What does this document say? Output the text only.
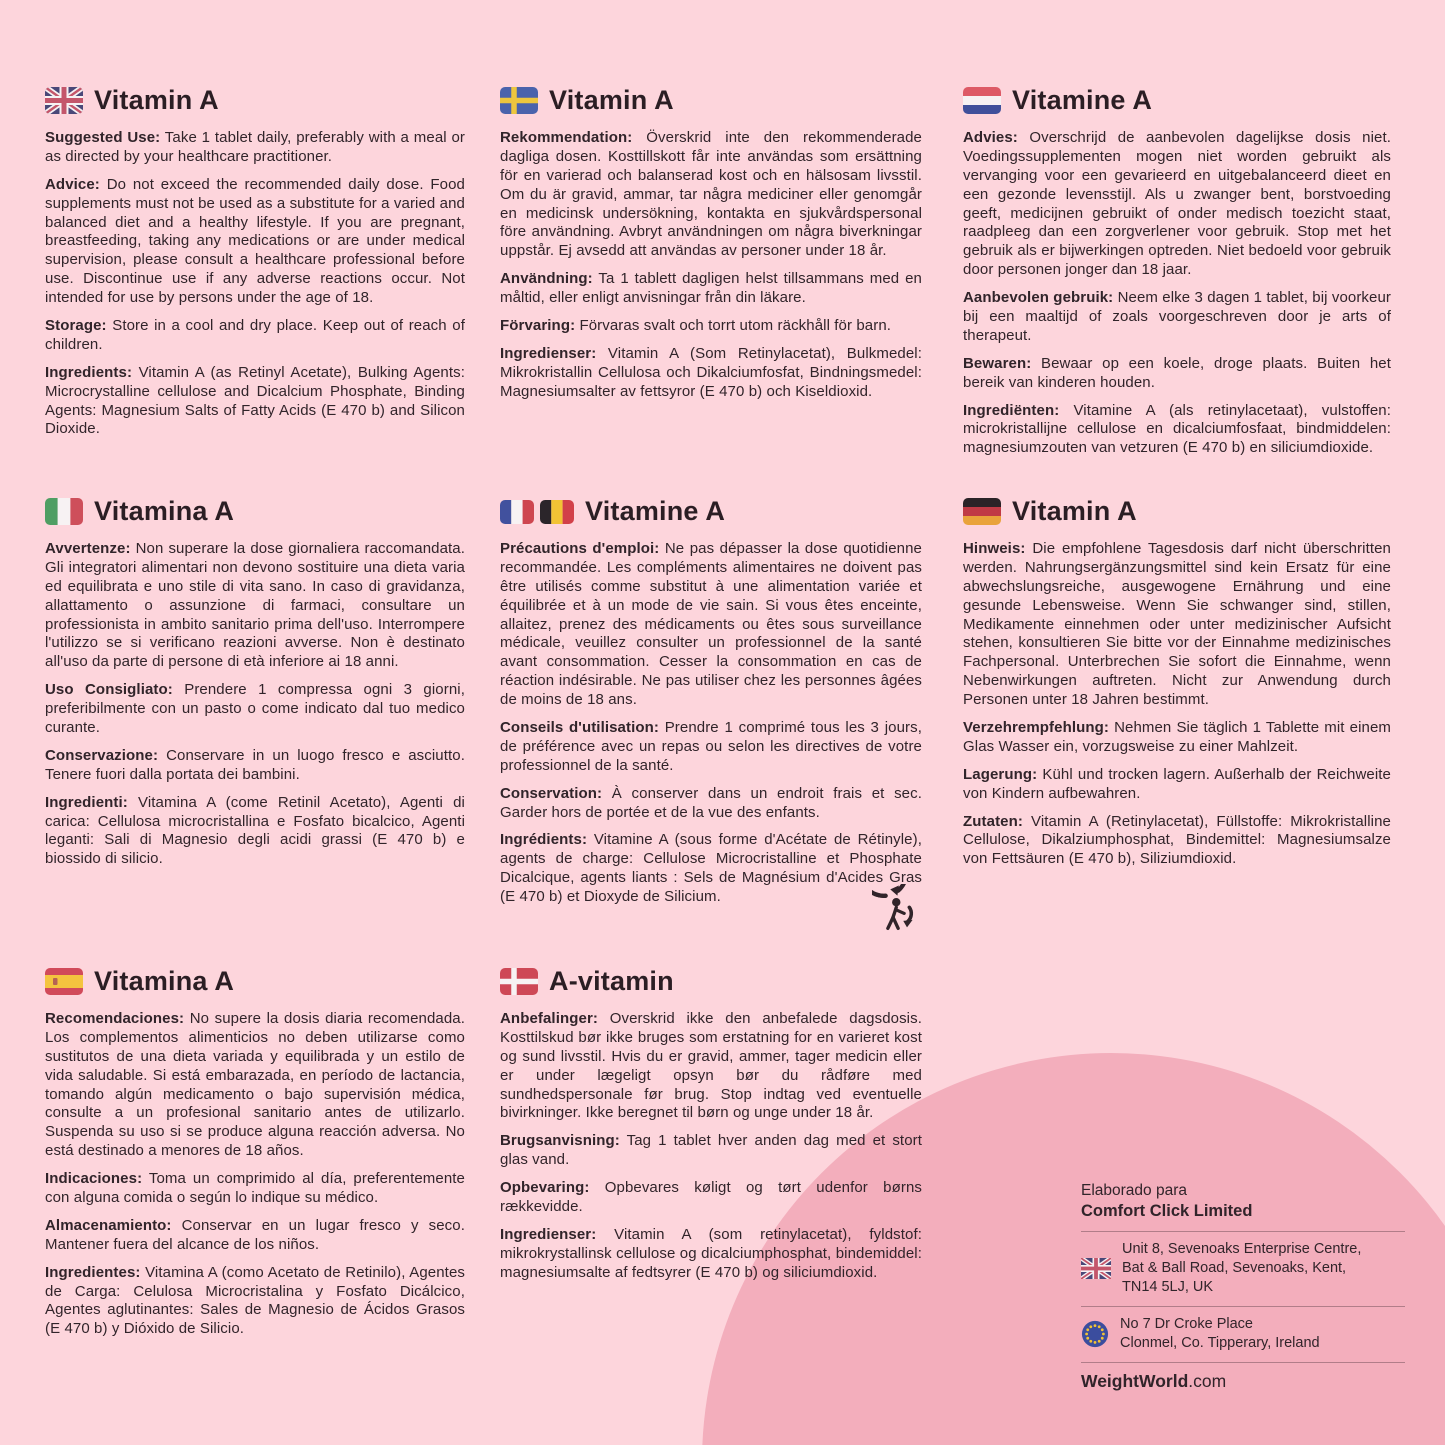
Vitamin A

Suggested Use: Take 1 tablet daily, preferably with a meal or as directed by your healthcare practitioner.

Advice: Do not exceed the recommended daily dose. Food supplements must not be used as a substitute for a varied and balanced diet and a healthy lifestyle. If you are pregnant, breastfeeding, taking any medications or are under medical supervision, please consult a healthcare professional before use. Discontinue use if any adverse reactions occur. Not intended for use by persons under the age of 18.

Storage: Store in a cool and dry place. Keep out of reach of children.

Ingredients: Vitamin A (as Retinyl Acetate), Bulking Agents: Microcrystalline cellulose and Dicalcium Phosphate, Binding Agents: Magnesium Salts of Fatty Acids (E 470 b) and Silicon Dioxide.

Vitamin A

Rekommendation: Överskrid inte den rekommenderade dagliga dosen. Kosttillskott får inte användas som ersättning för en varierad och balanserad kost och en hälsosam livsstil. Om du är gravid, ammar, tar några mediciner eller genomgår en medicinsk undersökning, kontakta en sjukvårdspersonal före användning. Avbryt användningen om några biverkningar uppstår. Ej avsedd att användas av personer under 18 år.

Användning: Ta 1 tablett dagligen helst tillsammans med en måltid, eller enligt anvisningar från din läkare.

Förvaring: Förvaras svalt och torrt utom räckhåll för barn.

Ingredienser: Vitamin A (Som Retinylacetat), Bulkmedel: Mikrokristallin Cellulosa och Dikalciumfosfat, Bindningsmedel: Magnesiumsalter av fettsyror (E 470 b) och Kiseldioxid.

Vitamine A

Advies: Overschrijd de aanbevolen dagelijkse dosis niet. Voedingssupplementen mogen niet worden gebruikt als vervanging voor een gevarieerd en uitgebalanceerd dieet en een gezonde levensstijl. Als u zwanger bent, borstvoeding geeft, medicijnen gebruikt of onder medisch toezicht staat, raadpleeg dan een zorgverlener voor gebruik. Stop met het gebruik als er bijwerkingen optreden. Niet bedoeld voor gebruik door personen jonger dan 18 jaar.

Aanbevolen gebruik: Neem elke 3 dagen 1 tablet, bij voorkeur bij een maaltijd of zoals voorgeschreven door je arts of therapeut.

Bewaren: Bewaar op een koele, droge plaats. Buiten het bereik van kinderen houden.

Ingrediënten: Vitamine A (als retinylacetaat), vulstoffen: microkristallijne cellulose en dicalciumfosfaat, bindmiddelen: magnesiumzouten van vetzuren (E 470 b) en siliciumdioxide.

Vitamina A

Avvertenze: Non superare la dose giornaliera raccomandata. Gli integratori alimentari non devono sostituire una dieta varia ed equilibrata e uno stile di vita sano. In caso di gravidanza, allattamento o assunzione di farmaci, consultare un professionista in ambito sanitario prima dell'uso. Interrompere l'utilizzo se si verificano reazioni avverse. Non è destinato all'uso da parte di persone di età inferiore ai 18 anni.

Uso Consigliato: Prendere 1 compressa ogni 3 giorni, preferibilmente con un pasto o come indicato dal tuo medico curante.

Conservazione: Conservare in un luogo fresco e asciutto. Tenere fuori dalla portata dei bambini.

Ingredienti: Vitamina A (come Retinil Acetato), Agenti di carica: Cellulosa microcristallina e Fosfato bicalcico, Agenti leganti: Sali di Magnesio degli acidi grassi (E 470 b) e biossido di silicio.

Vitamine A

Précautions d'emploi: Ne pas dépasser la dose quotidienne recommandée. Les compléments alimentaires ne doivent pas être utilisés comme substitut à une alimentation variée et équilibrée et à un mode de vie sain. Si vous êtes enceinte, allaitez, prenez des médicaments ou êtes sous surveillance médicale, veuillez consulter un professionnel de la santé avant consommation. Cesser la consommation en cas de réaction indésirable. Ne pas utiliser chez les personnes âgées de moins de 18 ans.

Conseils d'utilisation: Prendre 1 comprimé tous les 3 jours, de préférence avec un repas ou selon les directives de votre professionnel de la santé.

Conservation: À conserver dans un endroit frais et sec. Garder hors de portée et de la vue des enfants.

Ingrédients: Vitamine A (sous forme d'Acétate de Rétinyle), agents de charge: Cellulose Microcristalline et Phosphate Dicalcique, agents liants : Sels de Magnésium d'Acides Gras (E 470 b) et Dioxyde de Silicium.

Vitamin A

Hinweis: Die empfohlene Tagesdosis darf nicht überschritten werden. Nahrungsergänzungsmittel sind kein Ersatz für eine abwechslungsreiche, ausgewogene Ernährung und eine gesunde Lebensweise. Wenn Sie schwanger sind, stillen, Medikamente einnehmen oder unter medizinischer Aufsicht stehen, konsultieren Sie bitte vor der Einnahme medizinisches Fachpersonal. Unterbrechen Sie sofort die Einnahme, wenn Nebenwirkungen auftreten. Nicht zur Anwendung durch Personen unter 18 Jahren bestimmt.

Verzehrempfehlung: Nehmen Sie täglich 1 Tablette mit einem Glas Wasser ein, vorzugsweise zu einer Mahlzeit.

Lagerung: Kühl und trocken lagern. Außerhalb der Reichweite von Kindern aufbewahren.

Zutaten: Vitamin A (Retinylacetat), Füllstoffe: Mikrokristalline Cellulose, Dikalziumphosphat, Bindemittel: Magnesiumsalze von Fettsäuren (E 470 b), Siliziumdioxid.

Vitamina A

Recomendaciones: No supere la dosis diaria recomendada. Los complementos alimenticios no deben utilizarse como sustitutos de una dieta variada y equilibrada y un estilo de vida saludable. Si está embarazada, en período de lactancia, tomando algún medicamento o bajo supervisión médica, consulte a un profesional sanitario antes de utilizarlo. Suspenda su uso si se produce alguna reacción adversa. No está destinado a menores de 18 años.

Indicaciones: Toma un comprimido al día, preferentemente con alguna comida o según lo indique su médico.

Almacenamiento: Conservar en un lugar fresco y seco. Mantener fuera del alcance de los niños.

Ingredientes: Vitamina A (como Acetato de Retinilo), Agentes de Carga: Celulosa Microcristalina y Fosfato Dicálcico, Agentes aglutinantes: Sales de Magnesio de Ácidos Grasos (E 470 b) y Dióxido de Silicio.

A-vitamin

Anbefalinger: Overskrid ikke den anbefalede dagsdosis. Kosttilskud bør ikke bruges som erstatning for en varieret kost og sund livsstil. Hvis du er gravid, ammer, tager medicin eller er under lægeligt opsyn bør du rådføre med sundhedspersonale før brug. Stop indtag ved eventuelle bivirkninger. Ikke beregnet til børn og unge under 18 år.

Brugsanvisning: Tag 1 tablet hver anden dag med et stort glas vand.

Opbevaring: Opbevares køligt og tørt udenfor børns rækkevidde.

Ingredienser: Vitamin A (som retinylacetat), fyldstof: mikrokrystallinsk cellulose og dicalciumphosphat, bindemiddel: magnesiumsalte af fedtsyrer (E 470 b) og siliciumdioxid.

Elaborado para

Comfort Click Limited

Unit 8, Sevenoaks Enterprise Centre,
Bat & Ball Road, Sevenoaks, Kent,
TN14 5LJ, UK
No 7 Dr Croke Place
Clonmel, Co. Tipperary, Ireland
WeightWorld.com
